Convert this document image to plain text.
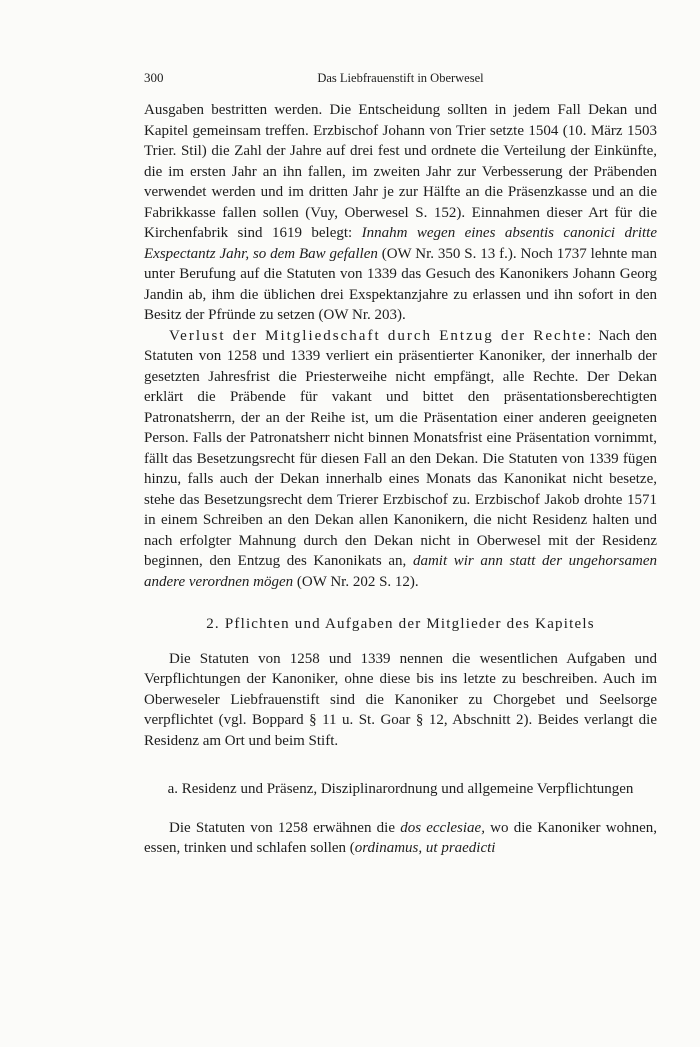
300	Das Liebfrauenstift in Oberwesel

Ausgaben bestritten werden. Die Entscheidung sollten in jedem Fall Dekan und Kapitel gemeinsam treffen. Erzbischof Johann von Trier setzte 1504 (10. März 1503 Trier. Stil) die Zahl der Jahre auf drei fest und ordnete die Verteilung der Einkünfte, die im ersten Jahr an ihn fallen, im zweiten Jahr zur Verbesserung der Präbenden verwendet werden und im dritten Jahr je zur Hälfte an die Präsenzkasse und an die Fabrikkasse fallen sollen (Vuy, Oberwesel S. 152). Einnahmen dieser Art für die Kirchenfabrik sind 1619 belegt: Innahm wegen eines absentis canonici dritte Exspectantz Jahr, so dem Baw gefallen (OW Nr. 350 S. 13 f.). Noch 1737 lehnte man unter Berufung auf die Statuten von 1339 das Gesuch des Kanonikers Johann Georg Jandin ab, ihm die üblichen drei Exspektanzjahre zu erlassen und ihn sofort in den Besitz der Pfründe zu setzen (OW Nr. 203).

Verlust der Mitgliedschaft durch Entzug der Rechte: Nach den Statuten von 1258 und 1339 verliert ein präsentierter Kanoniker, der innerhalb der gesetzten Jahresfrist die Priesterweihe nicht empfängt, alle Rechte. Der Dekan erklärt die Präbende für vakant und bittet den präsentationsberechtigten Patronatsherrn, der an der Reihe ist, um die Präsentation einer anderen geeigneten Person. Falls der Patronatsherr nicht binnen Monatsfrist eine Präsentation vornimmt, fällt das Besetzungsrecht für diesen Fall an den Dekan. Die Statuten von 1339 fügen hinzu, falls auch der Dekan innerhalb eines Monats das Kanonikat nicht besetze, stehe das Besetzungsrecht dem Trierer Erzbischof zu. Erzbischof Jakob drohte 1571 in einem Schreiben an den Dekan allen Kanonikern, die nicht Residenz halten und nach erfolgter Mahnung durch den Dekan nicht in Oberwesel mit der Residenz beginnen, den Entzug des Kanonikats an, damit wir ann statt der ungehorsamen andere verordnen mögen (OW Nr. 202 S. 12).

2. Pflichten und Aufgaben der Mitglieder des Kapitels

Die Statuten von 1258 und 1339 nennen die wesentlichen Aufgaben und Verpflichtungen der Kanoniker, ohne diese bis ins letzte zu beschreiben. Auch im Oberweseler Liebfrauenstift sind die Kanoniker zu Chorgebet und Seelsorge verpflichtet (vgl. Boppard § 11 u. St. Goar § 12, Abschnitt 2). Beides verlangt die Residenz am Ort und beim Stift.

a. Residenz und Präsenz, Disziplinarordnung und allgemeine Verpflichtungen

Die Statuten von 1258 erwähnen die dos ecclesiae, wo die Kanoniker wohnen, essen, trinken und schlafen sollen (ordinamus, ut praedicti
